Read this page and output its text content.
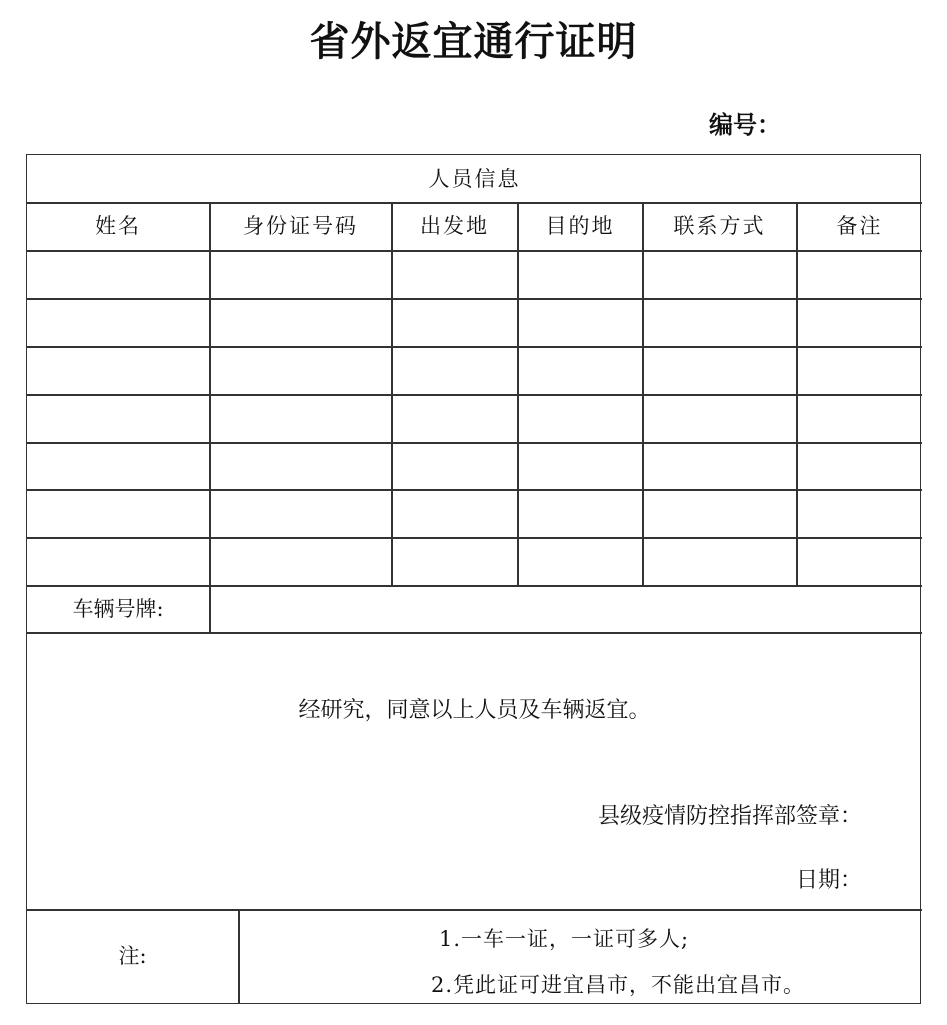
省外返宜通行证明
编号：
人员信息
姓名	身份证号码	出发地	目的地	联系方式	备注
车辆号牌:
经研究，同意以上人员及车辆返宜。
县级疫情防控指挥部签章：
日期：
注:
1.一车一证，一证可多人;
2.凭此证可进宜昌市，不能出宜昌市。
